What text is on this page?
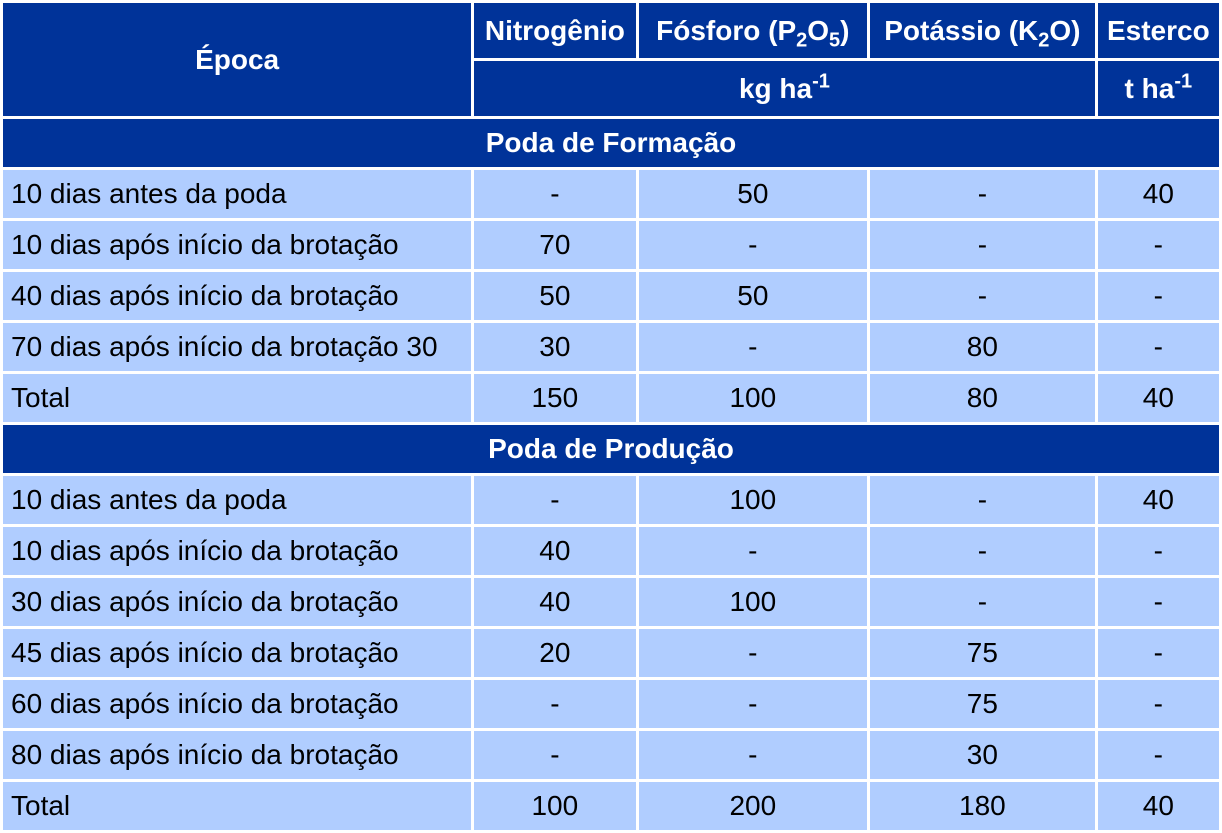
Época	Nitrogênio	Fósforo $(P_2O_5)$	Potássio $(K_2O)$	Esterco
	kg $ha^{-1}$			t $ha^{-1}$
Poda de Formação				
10 dias antes da poda	-	50	-	40
10 dias após início da brotação	70	-	-	-
40 dias após início da brotação	50	50	-	-
70 dias após início da brotação 30	30	-	80	-
Total	150	100	80	40
Poda de Produção				
10 dias antes da poda	-	100	-	40
10 dias após início da brotação	40	-	-	-
30 dias após início da brotação	40	100	-	-
45 dias após início da brotação	20	-	75	-
60 dias após início da brotação	-	-	75	-
80 dias após início da brotação	-	-	30	-
Total	100	200	180	40
